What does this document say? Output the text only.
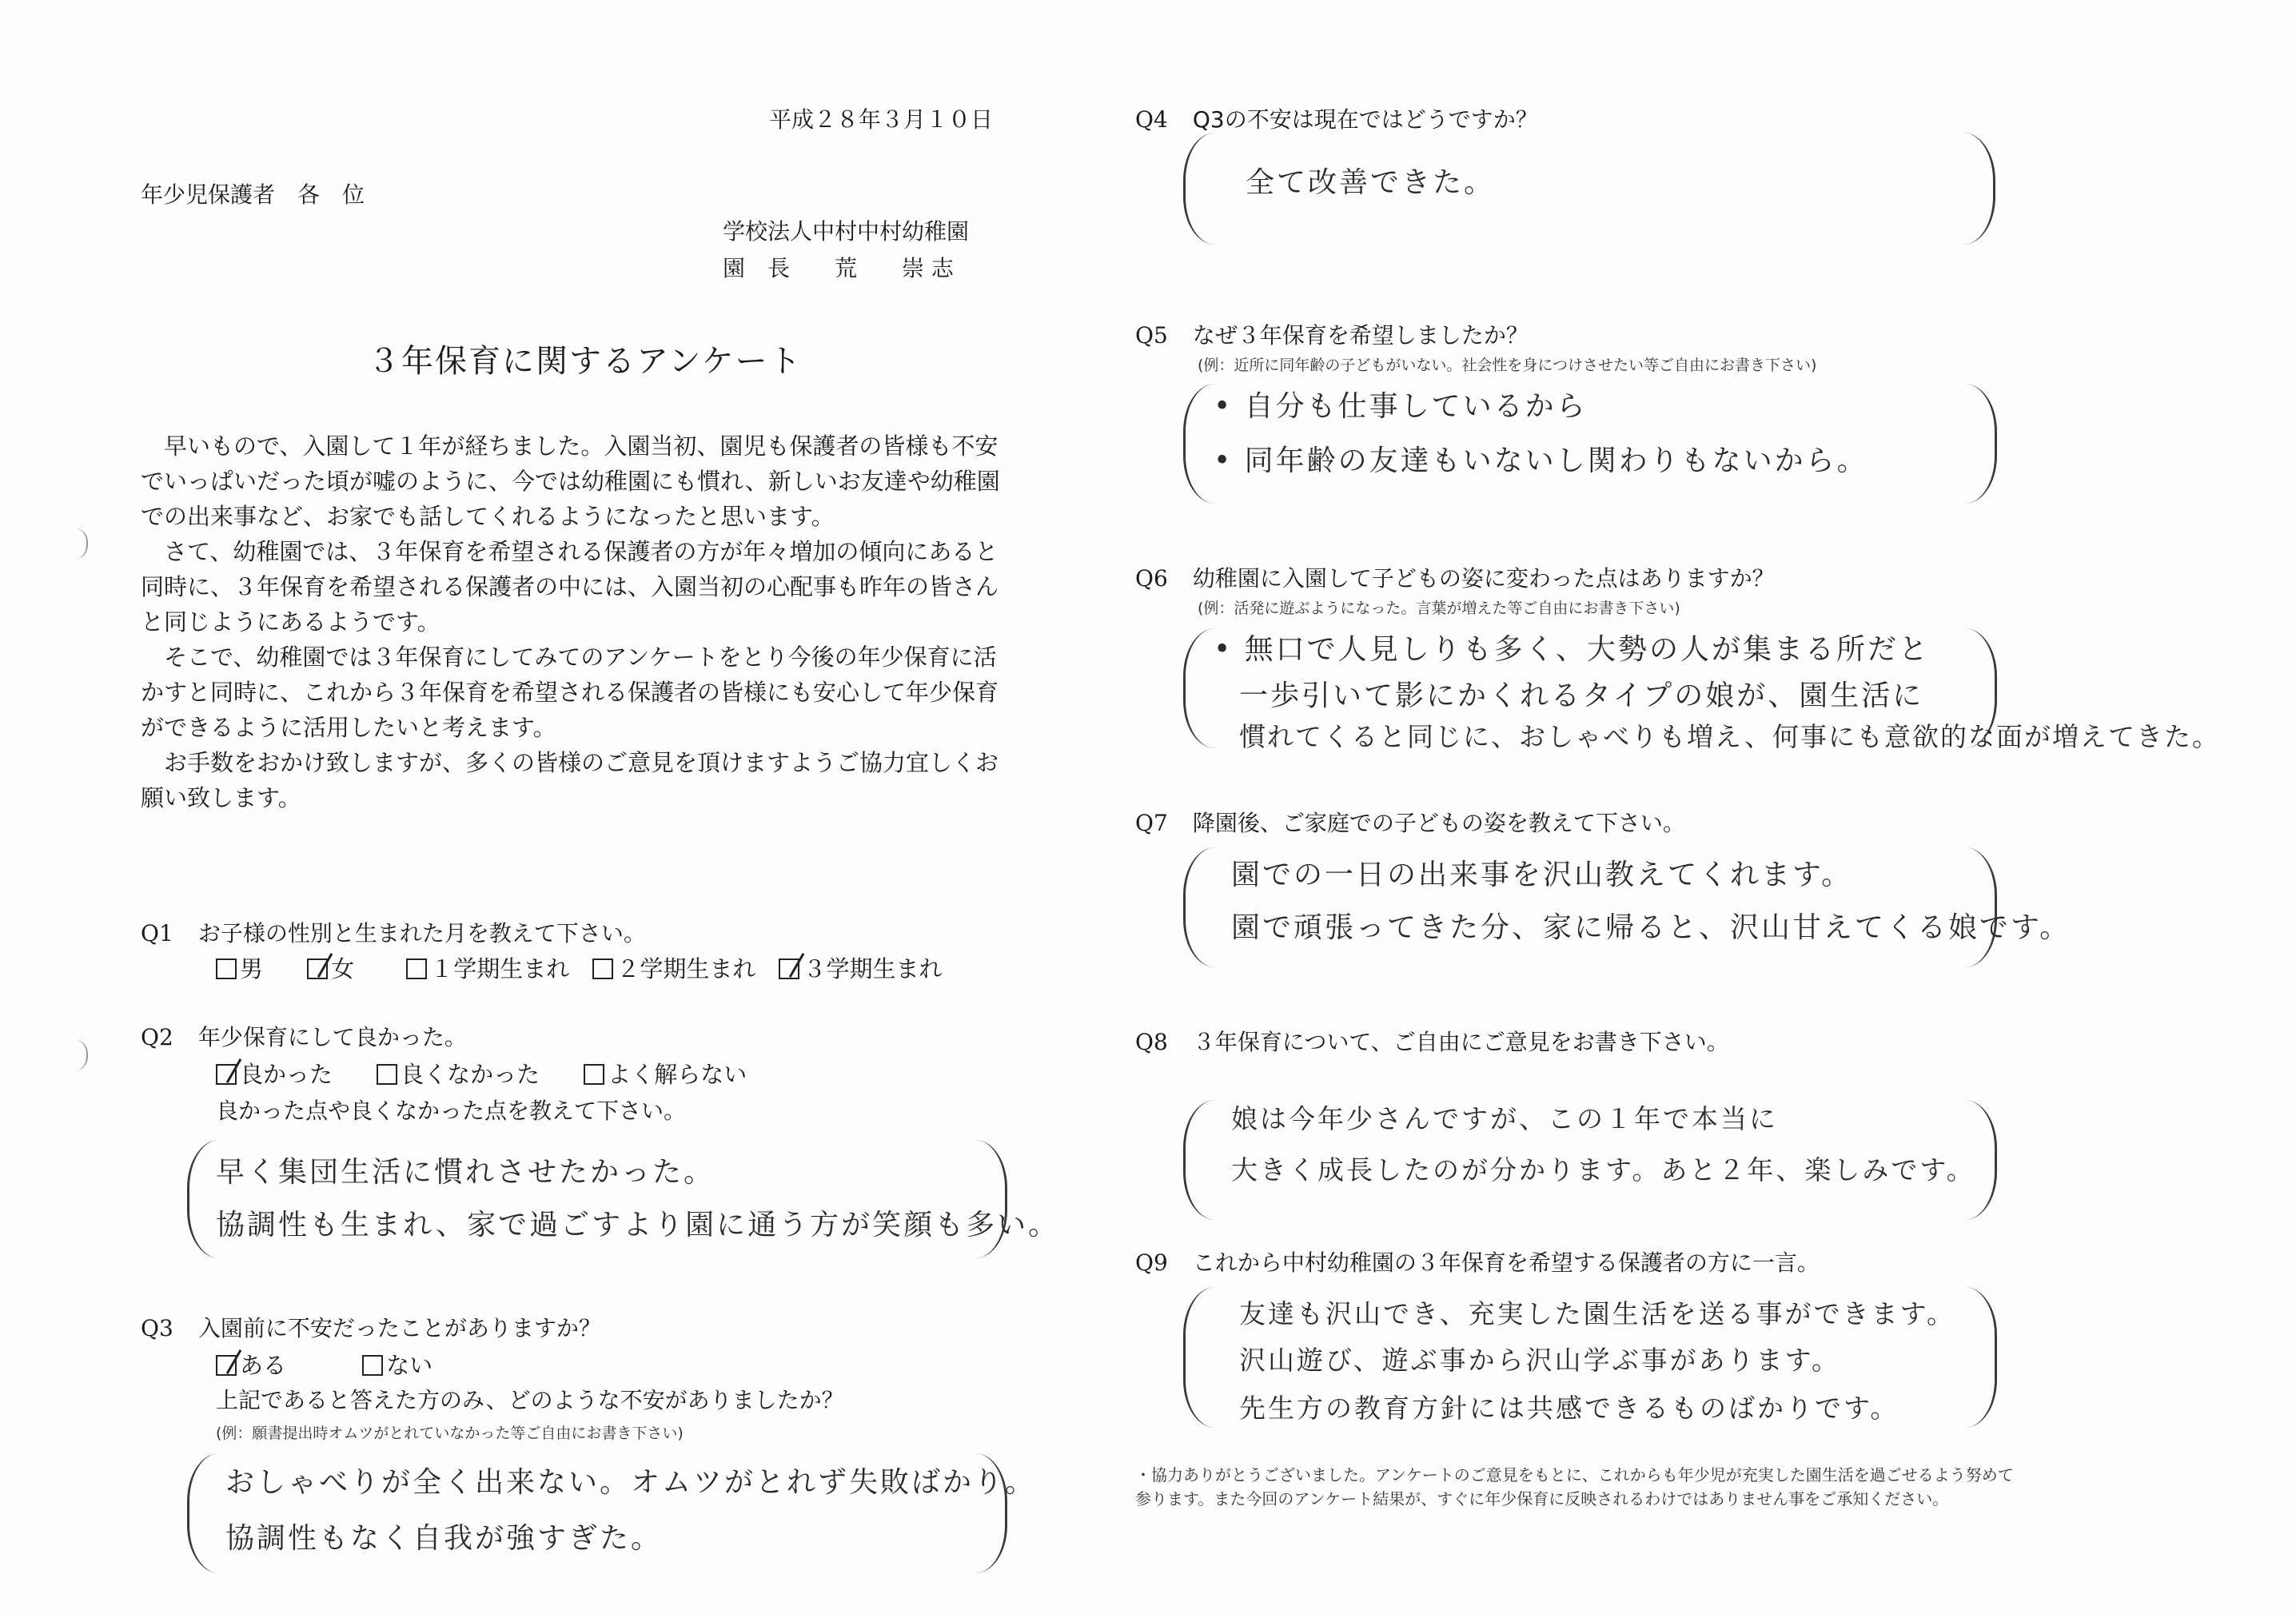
平成２８年３月１０日
年少児保護者　各　位
学校法人中村中村幼稚園
園　長　　荒　　崇 志
３年保育に関するアンケート
　早いもので、入園して１年が経ちました。入園当初、園児も保護者の皆様も不安でいっぱいだった頃が嘘のように、今では幼稚園にも慣れ、新しいお友達や幼稚園での出来事など、お家でも話してくれるようになったと思います。
　さて、幼稚園では、３年保育を希望される保護者の方が年々増加の傾向にあると同時に、３年保育を希望される保護者の中には、入園当初の心配事も昨年の皆さんと同じようにあるようです。
　そこで、幼稚園では３年保育にしてみてのアンケートをとり今後の年少保育に活かすと同時に、これから３年保育を希望される保護者の皆様にも安心して年少保育ができるように活用したいと考えます。
　お手数をおかけ致しますが、多くの皆様のご意見を頂けますようご協力宜しくお願い致します。
Q1 お子様の性別と生まれた月を教えて下さい。
男	女	１学期生まれ ２学期生まれ ３学期生まれ
Q2 年少保育にして良かった。
良かった	良くなかった	よく解らない
良かった点や良くなかった点を教えて下さい。
早く集団生活に慣れさせたかった。
協調性も生まれ、家で過ごすより園に通う方が笑顔も多い。
Q3 入園前に不安だったことがありますか？
ある	ない
上記であると答えた方のみ、どのような不安がありましたか？
(例：願書提出時オムツがとれていなかった等ご自由にお書き下さい)
おしゃべりが全く出来ない。オムツがとれず失敗ばかり。
協調性もなく自我が強すぎた。
Q4 Q3の不安は現在ではどうですか？
全て改善できた。
Q5 なぜ３年保育を希望しましたか？
(例：近所に同年齢の子どもがいない。社会性を身につけさせたい等ご自由にお書き下さい)
• 自分も仕事しているから
• 同年齢の友達もいないし関わりもないから。
Q6 幼稚園に入園して子どもの姿に変わった点はありますか？
(例：活発に遊ぶようになった。言葉が増えた等ご自由にお書き下さい)
• 無口で人見しりも多く、大勢の人が集まる所だと
一歩引いて影にかくれるタイプの娘が、園生活に
慣れてくると同じに、おしゃべりも増え、何事にも意欲的な面が増えてきた。
Q7 降園後、ご家庭での子どもの姿を教えて下さい。
園での一日の出来事を沢山教えてくれます。
園で頑張ってきた分、家に帰ると、沢山甘えてくる娘です。
Q8 ３年保育について、ご自由にご意見をお書き下さい。
娘は今年少さんですが、この１年で本当に
大きく成長したのが分かります。あと２年、楽しみです。
Q9 これから中村幼稚園の３年保育を希望する保護者の方に一言。
友達も沢山でき、充実した園生活を送る事ができます。
沢山遊び、遊ぶ事から沢山学ぶ事があります。
先生方の教育方針には共感できるものばかりです。
・協力ありがとうございました。アンケートのご意見をもとに、これからも年少児が充実した園生活を過ごせるよう努めて参ります。また今回のアンケート結果が、すぐに年少保育に反映されるわけではありません事をご承知ください。
